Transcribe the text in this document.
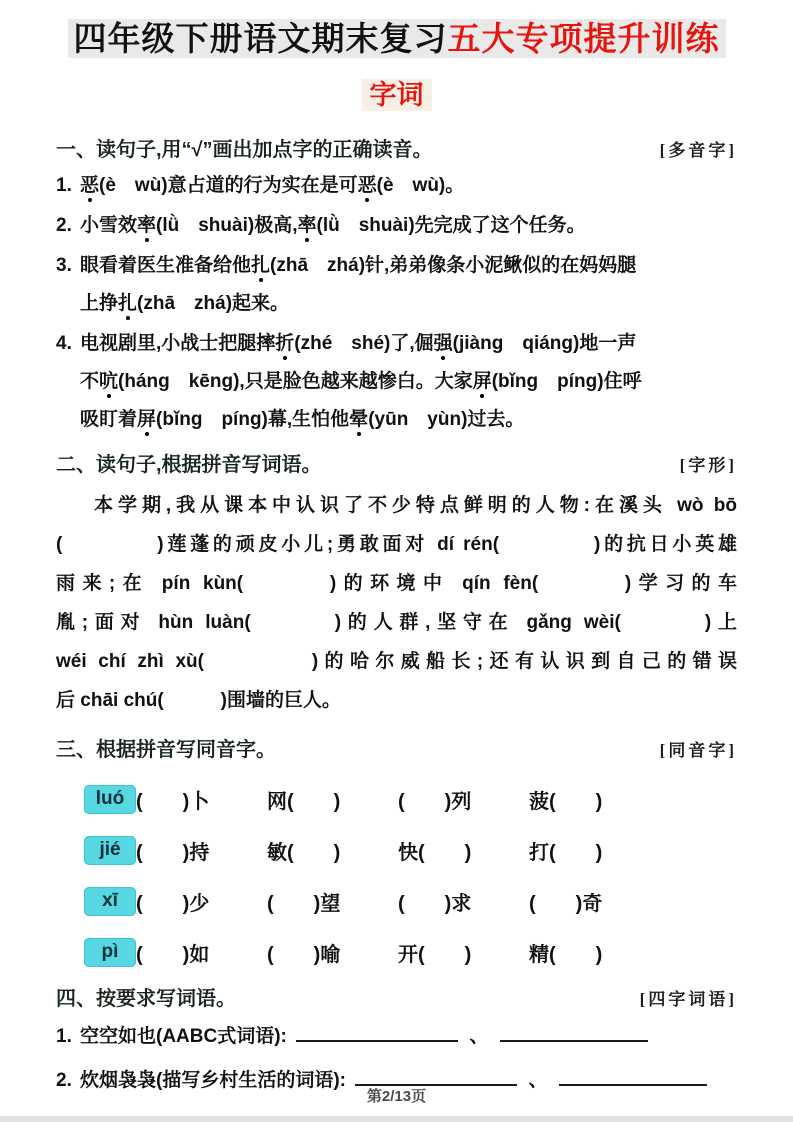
四年级下册语文期末复习五大专项提升训练
字词
一、读句子,用“√”画出加点字的正确读音。	[多音字]
1. 恶(è　wù)意占道的行为实在是可恶(è　wù)。
2. 小雪效率(lǜ　shuài)极高,率(lǜ　shuài)先完成了这个任务。
3. 眼看着医生准备给他扎(zhā　zhá)针,弟弟像条小泥鳅似的在妈妈腿
上挣扎(zhā　zhá)起来。
4. 电视剧里,小战士把腿摔折(zhé　shé)了,倔强(jiàng　qiáng)地一声
不吭(háng　kēng),只是脸色越来越惨白。大家屏(bǐng　píng)住呼
吸盯着屏(bǐng　píng)幕,生怕他晕(yūn　yùn)过去。
二、读句子,根据拼音写词语。	[字形]
本学期,我从课本中认识了不少特点鲜明的人物:在溪头 wò bō
(　　　　)莲蓬的顽皮小儿;勇敢面对 dí rén(　　　　)的抗日小英雄
雨来;在 pín kùn(　　　)的环境中 qín fèn(　　　)学习的车
胤;面对 hùn luàn(　　　)的人群,坚守在 gǎng wèi(　　　)上
wéi chí zhì xù(　　　　)的哈尔威船长;还有认识到自己的错误
后 chāi chú(　　　)围墙的巨人。
三、根据拼音写同音字。	[同音字]
luó (　　)卜	网(　　)	(　　)列	菠(　　)
jié (　　)持	敏(　　)	快(　　)	打(　　)
xī (　　)少	(　　)望	(　　)求	(　　)奇
pì (　　)如	(　　)喻	开(　　)	精(　　)
四、按要求写词语。	[四字词语]
1. 空空如也(AABC式词语):	、
2. 炊烟袅袅(描写乡村生活的词语):	、
第2/13页
